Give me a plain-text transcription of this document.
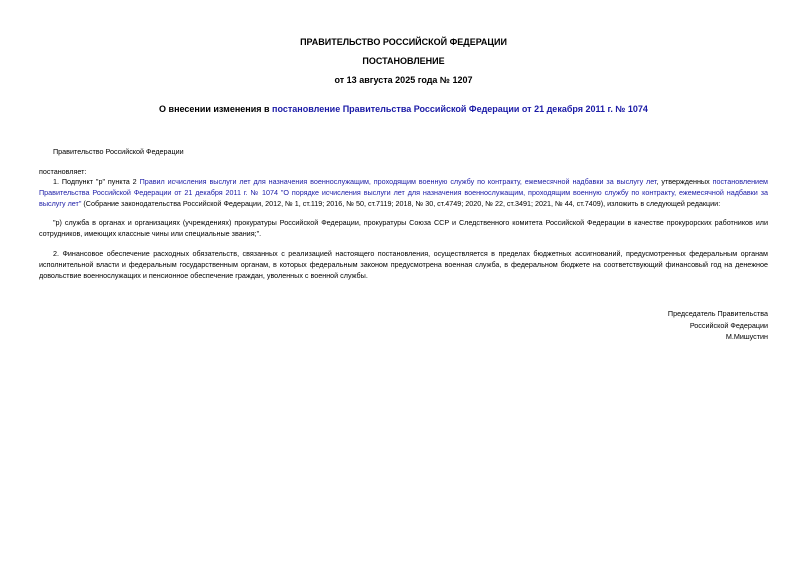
ПРАВИТЕЛЬСТВО РОССИЙСКОЙ ФЕДЕРАЦИИ
ПОСТАНОВЛЕНИЕ
от 13 августа 2025 года № 1207
О внесении изменения в постановление Правительства Российской Федерации от 21 декабря 2011 г. № 1074
Правительство Российской Федерации
постановляет:
1. Подпункт "р" пункта 2 Правил исчисления выслуги лет для назначения военнослужащим, проходящим военную службу по контракту, ежемесячной надбавки за выслугу лет, утвержденных постановлением Правительства Российской Федерации от 21 декабря 2011 г. № 1074 "О порядке исчисления выслуги лет для назначения военнослужащим, проходящим военную службу по контракту, ежемесячной надбавки за выслугу лет" (Собрание законодательства Российской Федерации, 2012, № 1, ст.119; 2016, № 50, ст.7119; 2018, № 30, ст.4749; 2020, № 22, ст.3491; 2021, № 44, ст.7409), изложить в следующей редакции:
"р) служба в органах и организациях (учреждениях) прокуратуры Российской Федерации, прокуратуры Союза ССР и Следственного комитета Российской Федерации в качестве прокурорских работников или сотрудников, имеющих классные чины или специальные звания;".
2. Финансовое обеспечение расходных обязательств, связанных с реализацией настоящего постановления, осуществляется в пределах бюджетных ассигнований, предусмотренных федеральным органам исполнительной власти и федеральным государственным органам, в которых федеральным законом предусмотрена военная служба, в федеральном бюджете на соответствующий финансовый год на денежное довольствие военнослужащих и пенсионное обеспечение граждан, уволенных с военной службы.
Председатель Правительства
Российской Федерации
М.Мишустин
